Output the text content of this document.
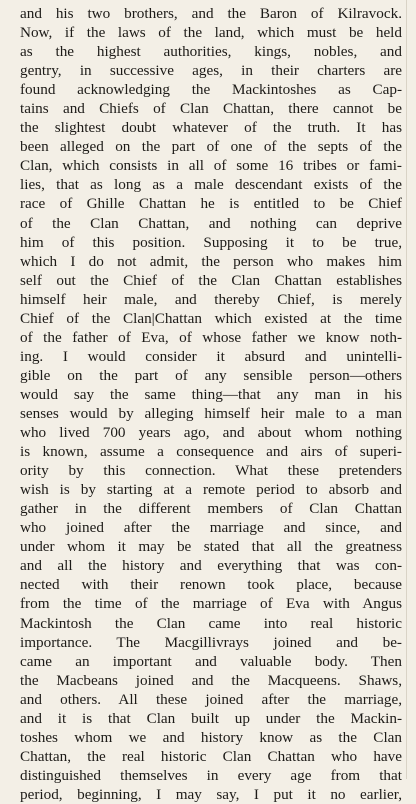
and his two brothers, and the Baron of Kilravock.
Now, if the laws of the land, which must be held
as the highest authorities, kings, nobles, and
gentry, in successive ages, in their charters are
found acknowledging the Mackintoshes as Cap-
tains and Chiefs of Clan Chattan, there cannot be
the slightest doubt whatever of the truth. It has
been alleged on the part of one of the septs of the
Clan, which consists in all of some 16 tribes or fami-
lies, that as long as a male descendant exists of the
race of Ghille Chattan he is entitled to be Chief
of the Clan Chattan, and nothing can deprive
him of this position. Supposing it to be true,
which I do not admit, the person who makes him
self out the Chief of the Clan Chattan establishes
himself heir male, and thereby Chief, is merely
Chief of the Clan|Chattan which existed at the time
of the father of Eva, of whose father we know noth-
ing. I would consider it absurd and unintelli-
gible on the part of any sensible person—others
would say the same thing—that any man in his
senses would by alleging himself heir male to a man
who lived 700 years ago, and about whom nothing
is known, assume a consequence and airs of superi-
ority by this connection. What these pretenders
wish is by starting at a remote period to absorb and
gather in the different members of Clan Chattan
who joined after the marriage and since, and
under whom it may be stated that all the greatness
and all the history and everything that was con-
nected with their renown took place, because
from the time of the marriage of Eva with Angus
Mackintosh the Clan came into real historic
importance. The Macgillivrays joined and be-
came an important and valuable body. Then
the Macbeans joined and the Macqueens. Shaws,
and others. All these joined after the marriage,
and it is that Clan built up under the Mackin-
toshes whom we and history know as the Clan
Chattan, the real historic Clan Chattan who have
distinguished themselves in every age from that
period, beginning, I may say, I put it no earlier,
